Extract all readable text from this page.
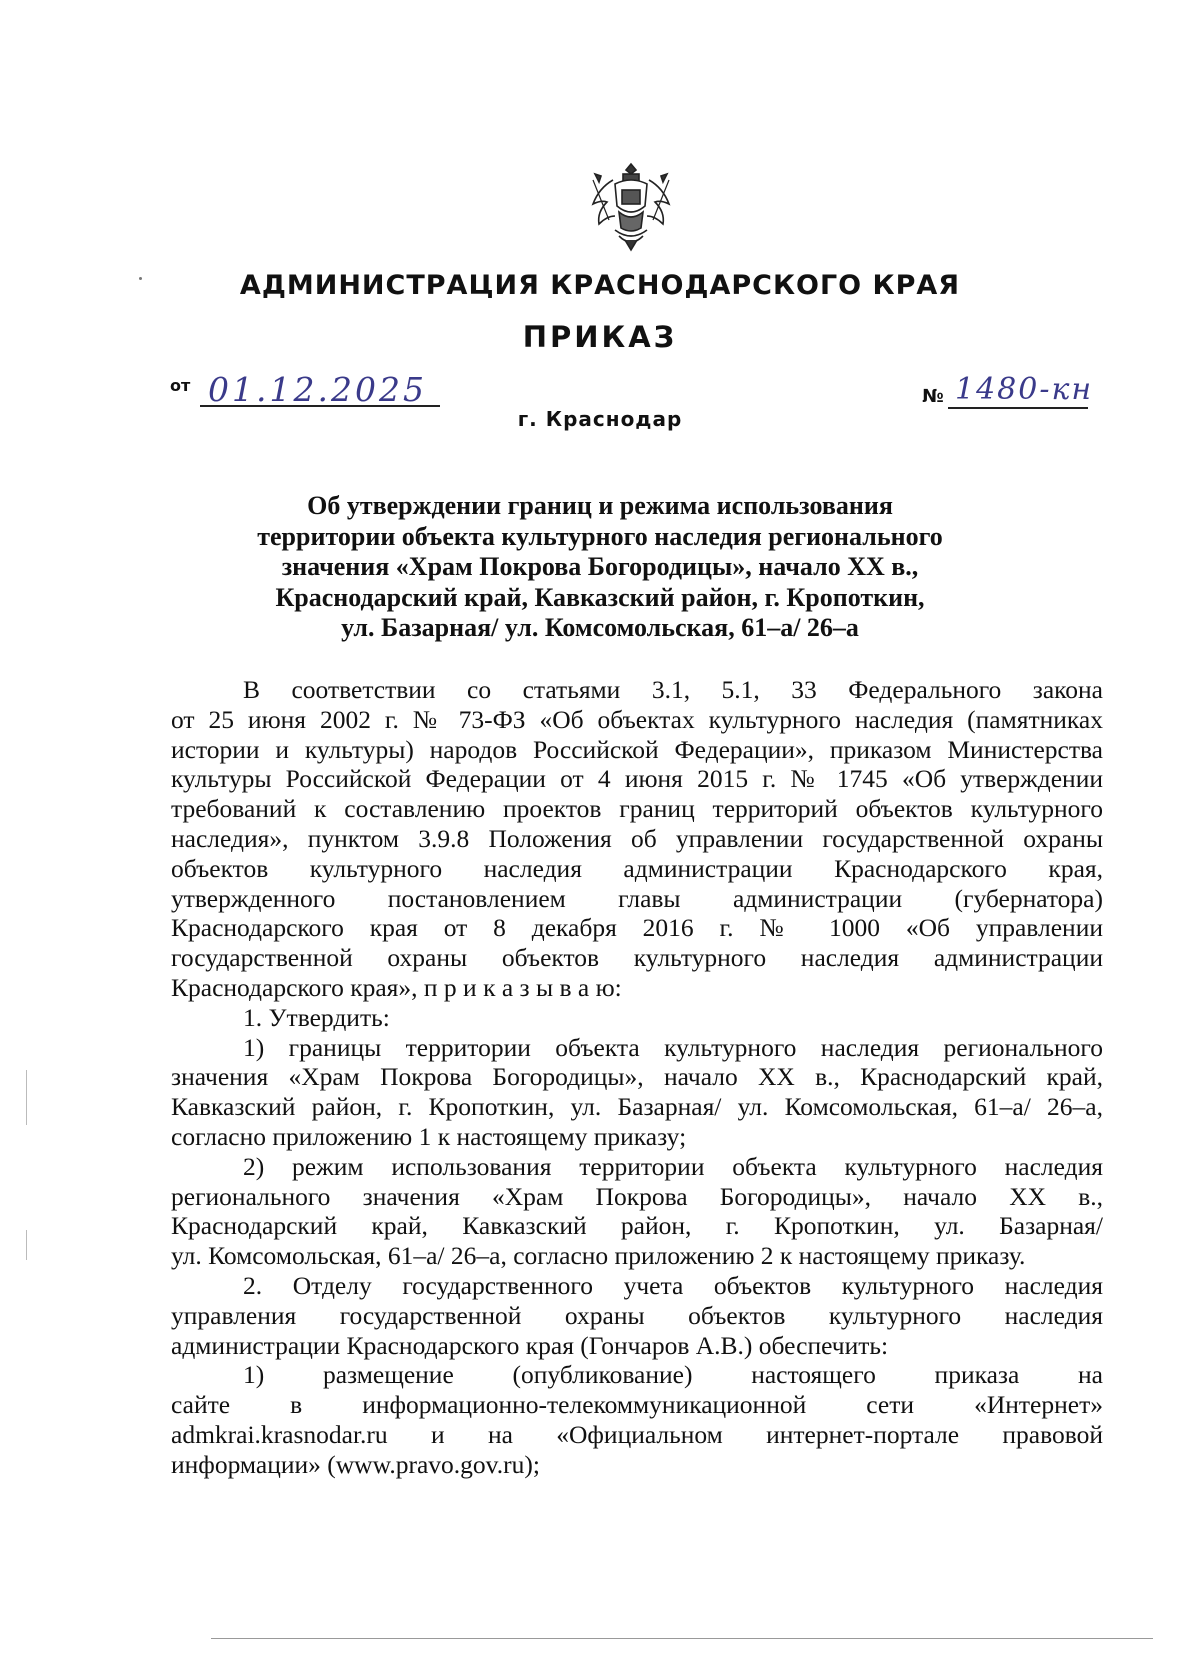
АДМИНИСТРАЦИЯ КРАСНОДАРСКОГО КРАЯ
ПРИКАЗ
от 01.12.2025	№ 1480-кн
г. Краснодар
Об утверждении границ и режима использования
территории объекта культурного наследия регионального
значения «Храм Покрова Богородицы», начало XX в.,
Краснодарский край, Кавказский район, г. Кропоткин,
ул. Базарная/ ул. Комсомольская, 61–а/ 26–а
В соответствии со статьями 3.1, 5.1, 33 Федерального закона
от 25 июня 2002 г. № 73-ФЗ «Об объектах культурного наследия (памятниках
истории и культуры) народов Российской Федерации», приказом Министерства
культуры Российской Федерации от 4 июня 2015 г. № 1745 «Об утверждении
требований к составлению проектов границ территорий объектов культурного
наследия», пунктом 3.9.8 Положения об управлении государственной охраны
объектов культурного наследия администрации Краснодарского края,
утвержденного постановлением главы администрации (губернатора)
Краснодарского края от 8 декабря 2016 г. № 1000 «Об управлении
государственной охраны объектов культурного наследия администрации
Краснодарского края», п р и к а з ы в а ю:
1. Утвердить:
1) границы территории объекта культурного наследия регионального
значения «Храм Покрова Богородицы», начало XX в., Краснодарский край,
Кавказский район, г. Кропоткин, ул. Базарная/ ул. Комсомольская, 61–а/ 26–а,
согласно приложению 1 к настоящему приказу;
2) режим использования территории объекта культурного наследия
регионального значения «Храм Покрова Богородицы», начало XX в.,
Краснодарский край, Кавказский район, г. Кропоткин, ул. Базарная/
ул. Комсомольская, 61–а/ 26–а, согласно приложению 2 к настоящему приказу.
2. Отделу государственного учета объектов культурного наследия
управления государственной охраны объектов культурного наследия
администрации Краснодарского края (Гончаров А.В.) обеспечить:
1) размещение (опубликование) настоящего приказа на
сайте в информационно-телекоммуникационной сети «Интернет»
admkrai.krasnodar.ru и на «Официальном интернет-портале правовой
информации» (www.pravo.gov.ru);
